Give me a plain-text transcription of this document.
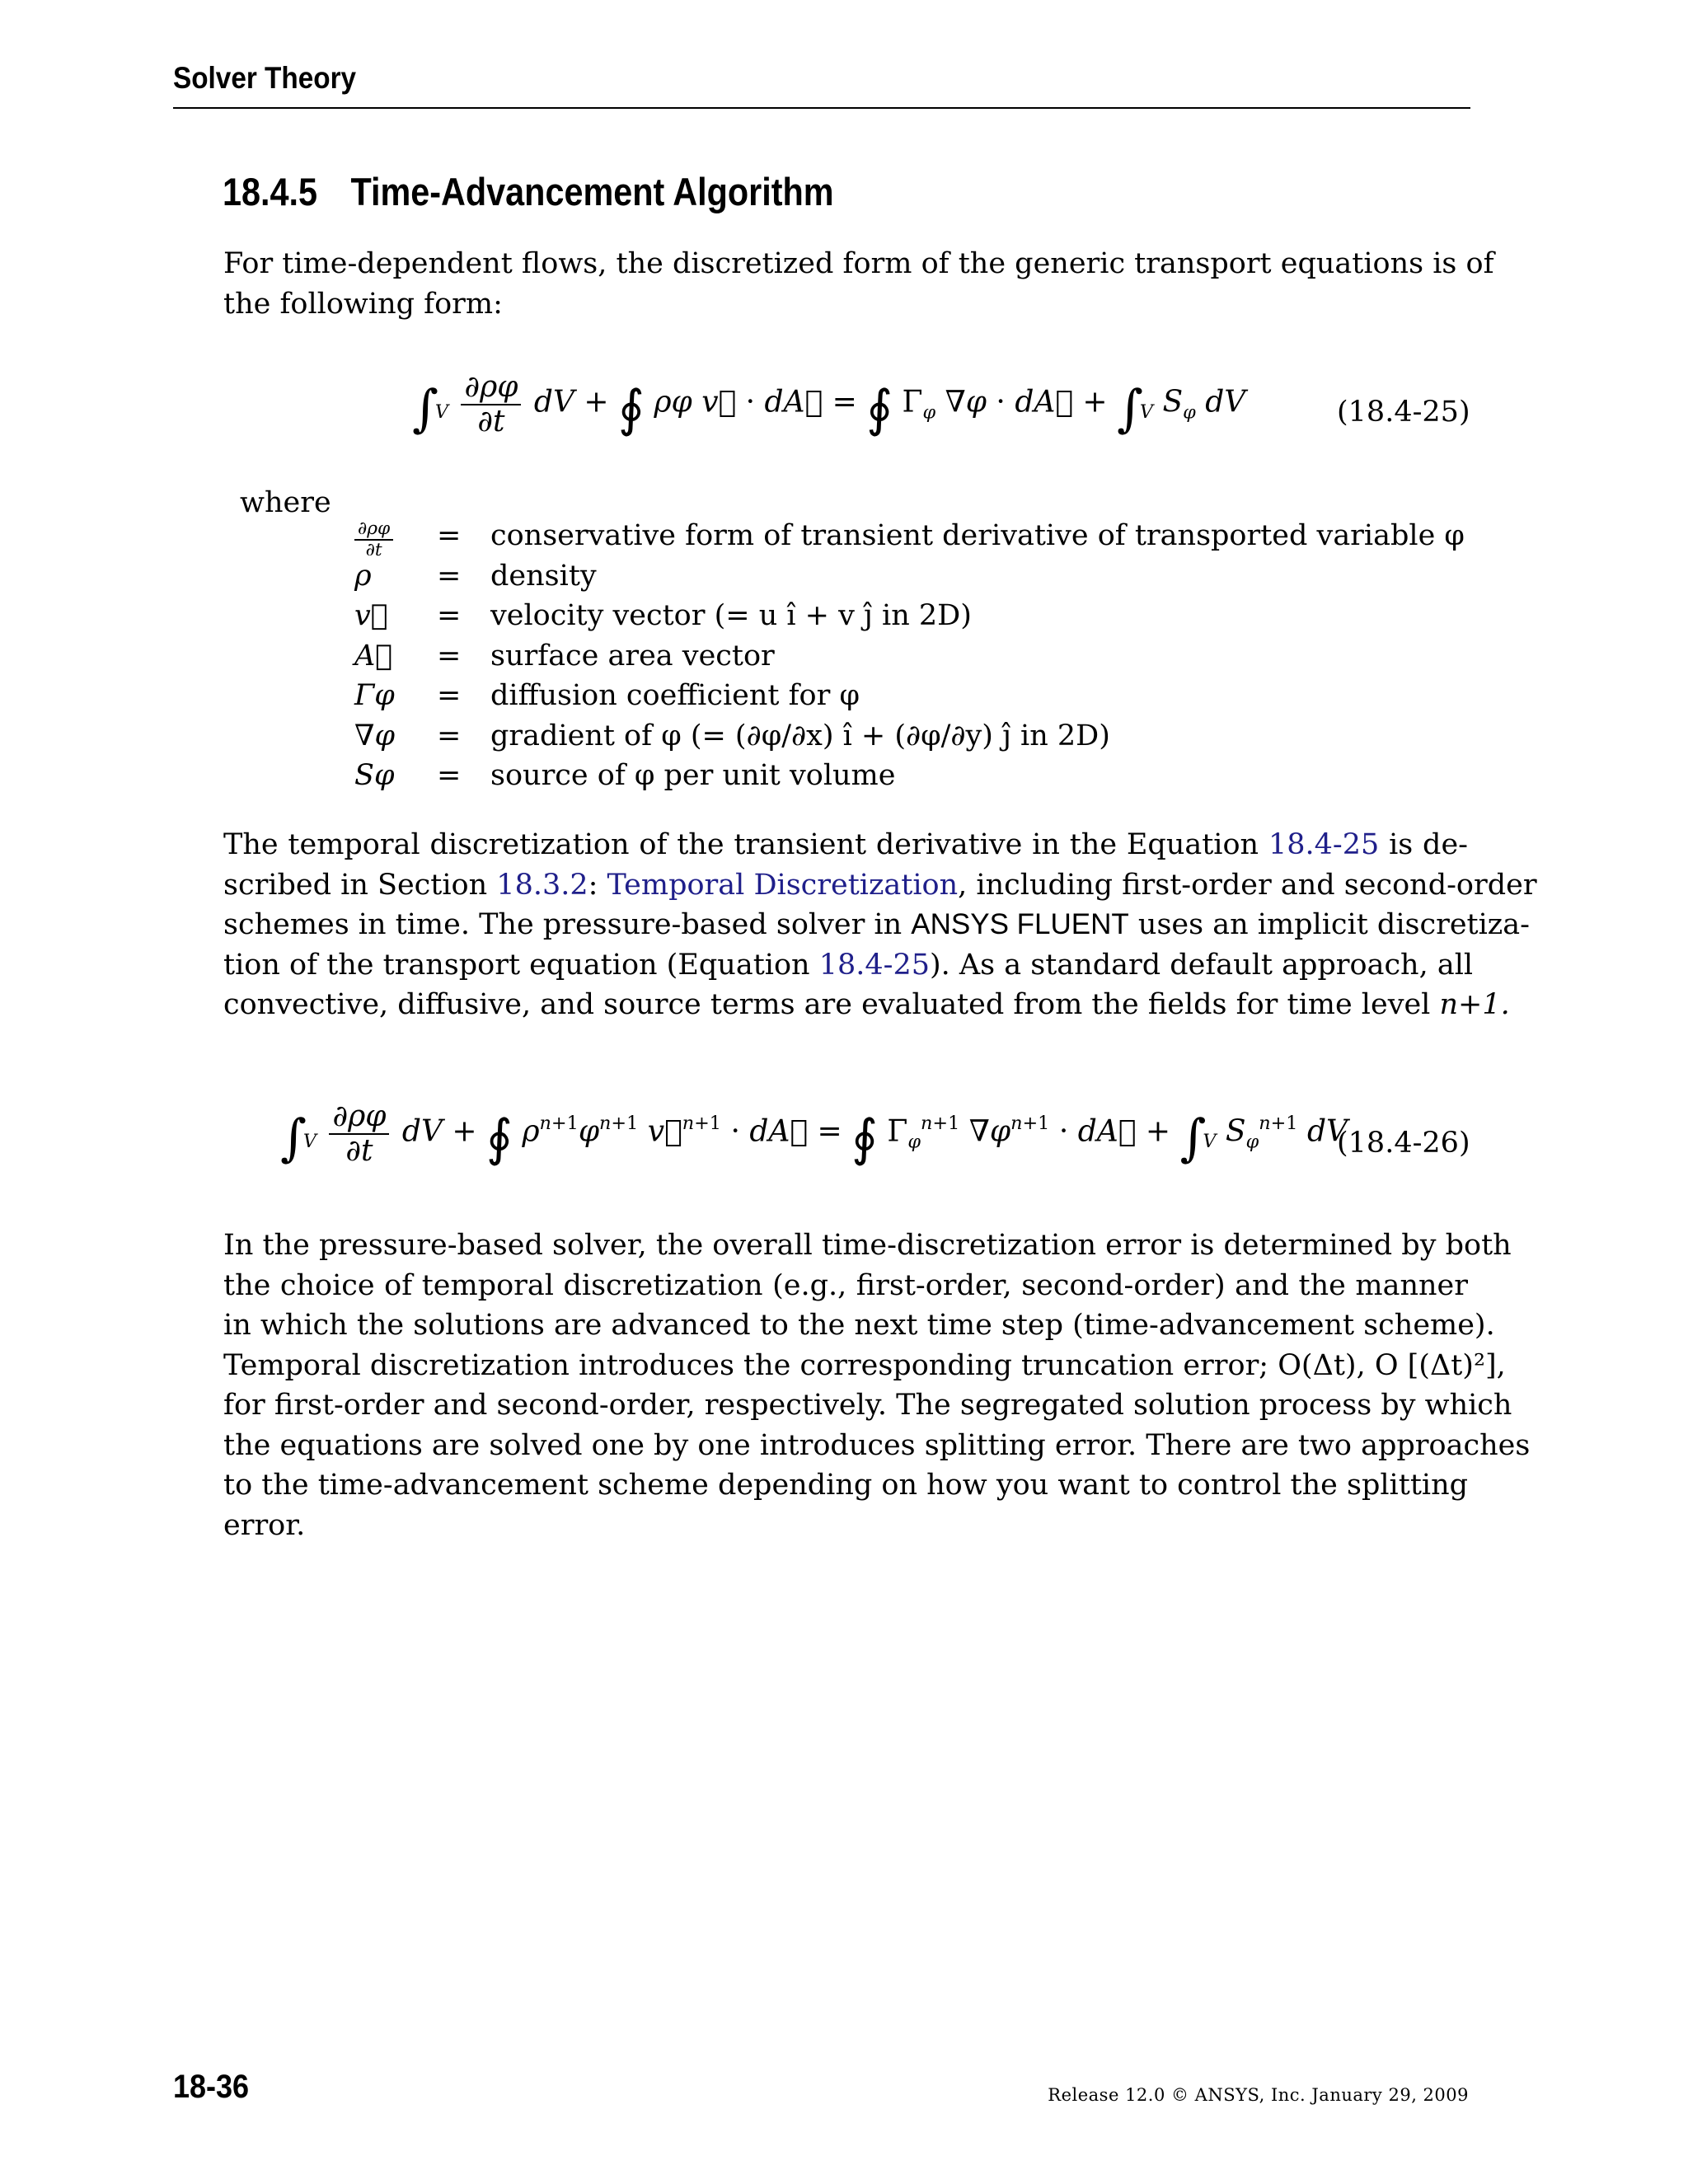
Solver Theory
18.4.5 Time-Advancement Algorithm
For time-dependent flows, the discretized form of the generic transport equations is of
the following form:
$\int_V \frac{\partial\rho\varphi}{\partial t}$ dV + ∮ ρφ v⃗ · dA⃗ = ∮ $\Gamma_\varphi$ ∇φ · dA⃗ + $\int_V$ $S_\varphi$ dV	(18.4-25)
where
$\frac{\partial\rho\varphi}{\partial t}$ = conservative form of transient derivative of transported variable φ
ρ	= density
v⃗	= velocity vector (= u î + v ĵ in 2D)
A⃗	= surface area vector
Γφ	= diffusion coefficient for φ
∇φ	= gradient of φ (= (∂φ/∂x) î + (∂φ/∂y) ĵ in 2D)
Sφ	= source of φ per unit volume
The temporal discretization of the transient derivative in the Equation 18.4-25 is de-
scribed in Section 18.3.2: Temporal Discretization, including first-order and second-order
schemes in time. The pressure-based solver in ANSYS FLUENT uses an implicit discretiza-
tion of the transport equation (Equation 18.4-25). As a standard default approach, all
convective, diffusive, and source terms are evaluated from the fields for time level n+1.
$\int_V \frac{\partial\rho\varphi}{\partial t}$ dV + ∮ $\rho^{n+1}\varphi^{n+1}$ v⃗$^{n+1}$ · dA⃗ = ∮ $\Gamma_\varphi^{n+1}$ $\nabla\varphi^{n+1}$ · dA⃗ + $\int_V$ $S_\varphi^{n+1}$ dV
(18.4-26)
In the pressure-based solver, the overall time-discretization error is determined by both
the choice of temporal discretization (e.g., first-order, second-order) and the manner
in which the solutions are advanced to the next time step (time-advancement scheme).
Temporal discretization introduces the corresponding truncation error; O(Δt), O [(Δt)²],
for first-order and second-order, respectively. The segregated solution process by which
the equations are solved one by one introduces splitting error. There are two approaches
to the time-advancement scheme depending on how you want to control the splitting
error.
18-36	Release 12.0 © ANSYS, Inc. January 29, 2009
